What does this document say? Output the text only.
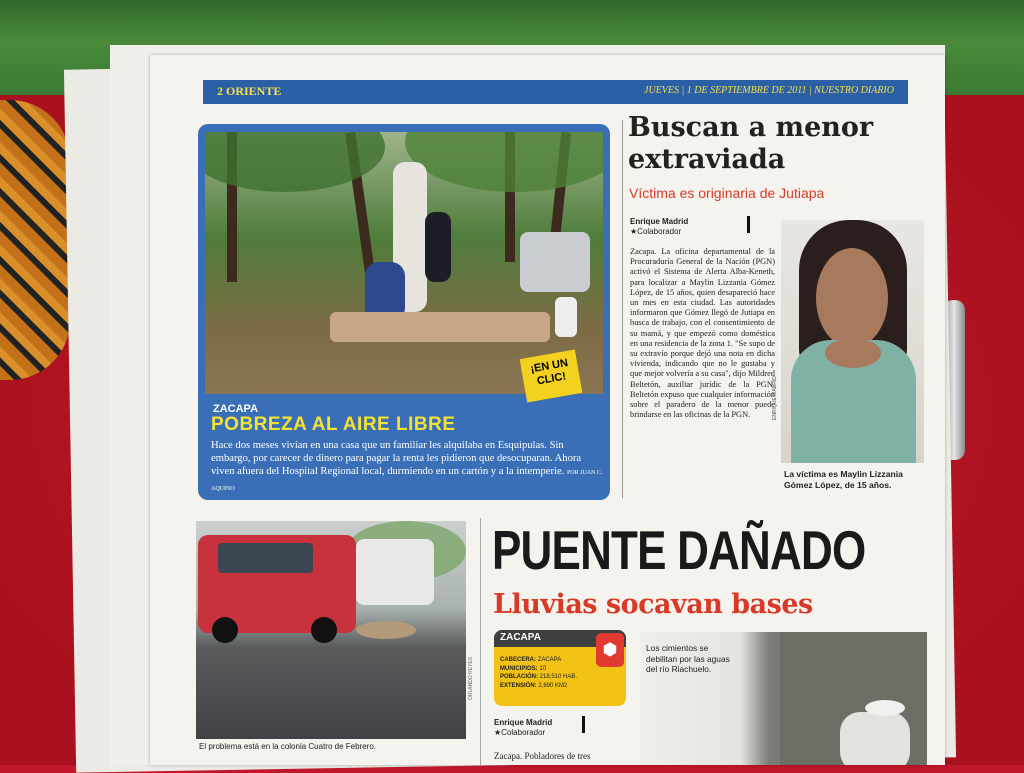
2 ORIENTE	JUEVES | 1 DE SEPTIEMBRE DE 2011 | NUESTRO DIARIO
¡EN UN CLIC!
ZACAPA
POBREZA AL AIRE LIBRE
Hace dos meses vivían en una casa que un familiar les alquilaba en Esquipulas. Sin embargo, por carecer de dinero para pagar la renta les pidieron que desocuparan. Ahora viven afuera del Hospital Regional local, durmiendo en un cartón y a la intemperie. POR JUAN C. AQUINO
Buscan a menor extraviada
Víctima es originaria de Jutiapa
Enrique Madrid
★Colaborador
Zacapa. La oficina departamental de la Procuraduría General de la Nación (PGN) activó el Sistema de Alerta Alba-Keneth, para localizar a Maylin Lizzania Gómez López, de 15 años, quien desapareció hace un mes en esta ciudad. Las autoridades informaron que Gómez llegó de Jutiapa en busca de trabajo, con el consentimiento de su mamá, y que empezó como doméstica en una residencia de la zona 1. "Se supo de su extravío porque dejó una nota en dicha vivienda, indicando que no le gustaba y que mejor volvería a su casa", dijo Mildred Beltetón, auxiliar jurídic de la PGN. Beltetón expuso que cualquier información sobre el paradero de la menor puede brindarse en las oficinas de la PGN.	ENRIQUE MADRID
La víctima es Maylin Lizzania Gómez López, de 15 años.
El problema está en la colonia Cuatro de Febrero.
ORLANDO REYES
PUENTE DAÑADO
Lluvias socavan bases
ZACAPA
⬢
CABECERA: ZACAPA
MUNICIPIOS: 10
POBLACIÓN: 218,510 HAB.
EXTENSIÓN: 2,690 KM2
Enrique Madrid
★Colaborador
Zacapa. Pobladores de tres
Los cimientos se debilitan por las aguas del río Riachuelo.
